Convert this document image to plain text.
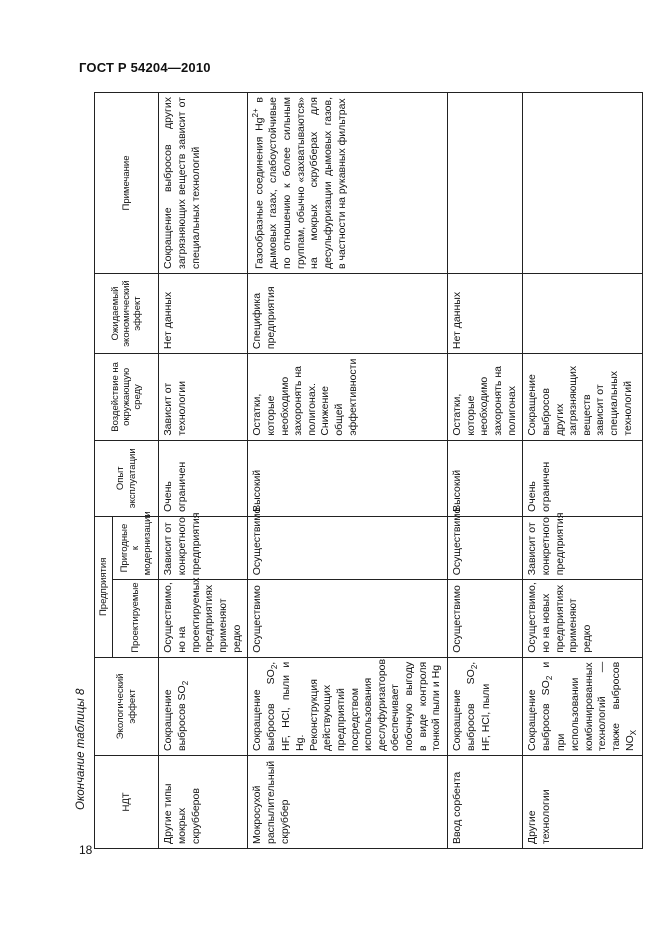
ГОСТ Р 54204—2010
Окончание таблицы 8
18
НДТ	Экологический эффект	Предприятия		Опыт эксплуатации	Воздействие на окружающую среду	Ожидаемый экономический эффект	Примечание
		Проектируемые	Пригодные к модернизации				
Другие типы мокрых скрубберов	Сокращение выбросов $SO_2$	Осуществимо, но на проектируемых предприятиях применяют редко	Зависит от конкретного предприятия	Очень ограничен	Зависит от технологии	Нет данных	Сокращение выбросов других загрязняющих веществ зависит от специальных технологий
Мокросухой распылительный скруббер	Сокращение выбросов $SO_2$, HF, HCl, пыли и Hg. Реконструкция действующих предприятий посредством использования деслуфуризаторов обеспечивает побочную выгоду в виде контроля тонкой пыли и Hg	Осуществимо	Осуществимо	Высокий	Остатки, которые необходимо захоронять на полигонах. Снижение общей эффективности	Специфика предприятия	Газообразные соединения $Hg^{2+}$ в дымовых газах, слабоустойчивые по отношению к более сильным группам, обычно «захватываются» на мокрых скрубберах для десульфуризации дымовых газов, в частности на рукавных фильтрах
Ввод сорбента	Сокращение выбросов $SO_2$, HF, HCl, пыли	Осуществимо	Осуществимо	Высокий	Остатки, которые необходимо захоронять на полигонах	Нет данных	
Другие технологии	Сокращение выбросов $SO_2$ и при использовании комбинированных технологий — также выбросов $NO_X$	Осуществимо, но на новых предприятиях применяют редко	Зависит от конкретного предприятия	Очень ограничен	Сокращение выбросов других загрязняющих веществ зависит от специальных технологий		
